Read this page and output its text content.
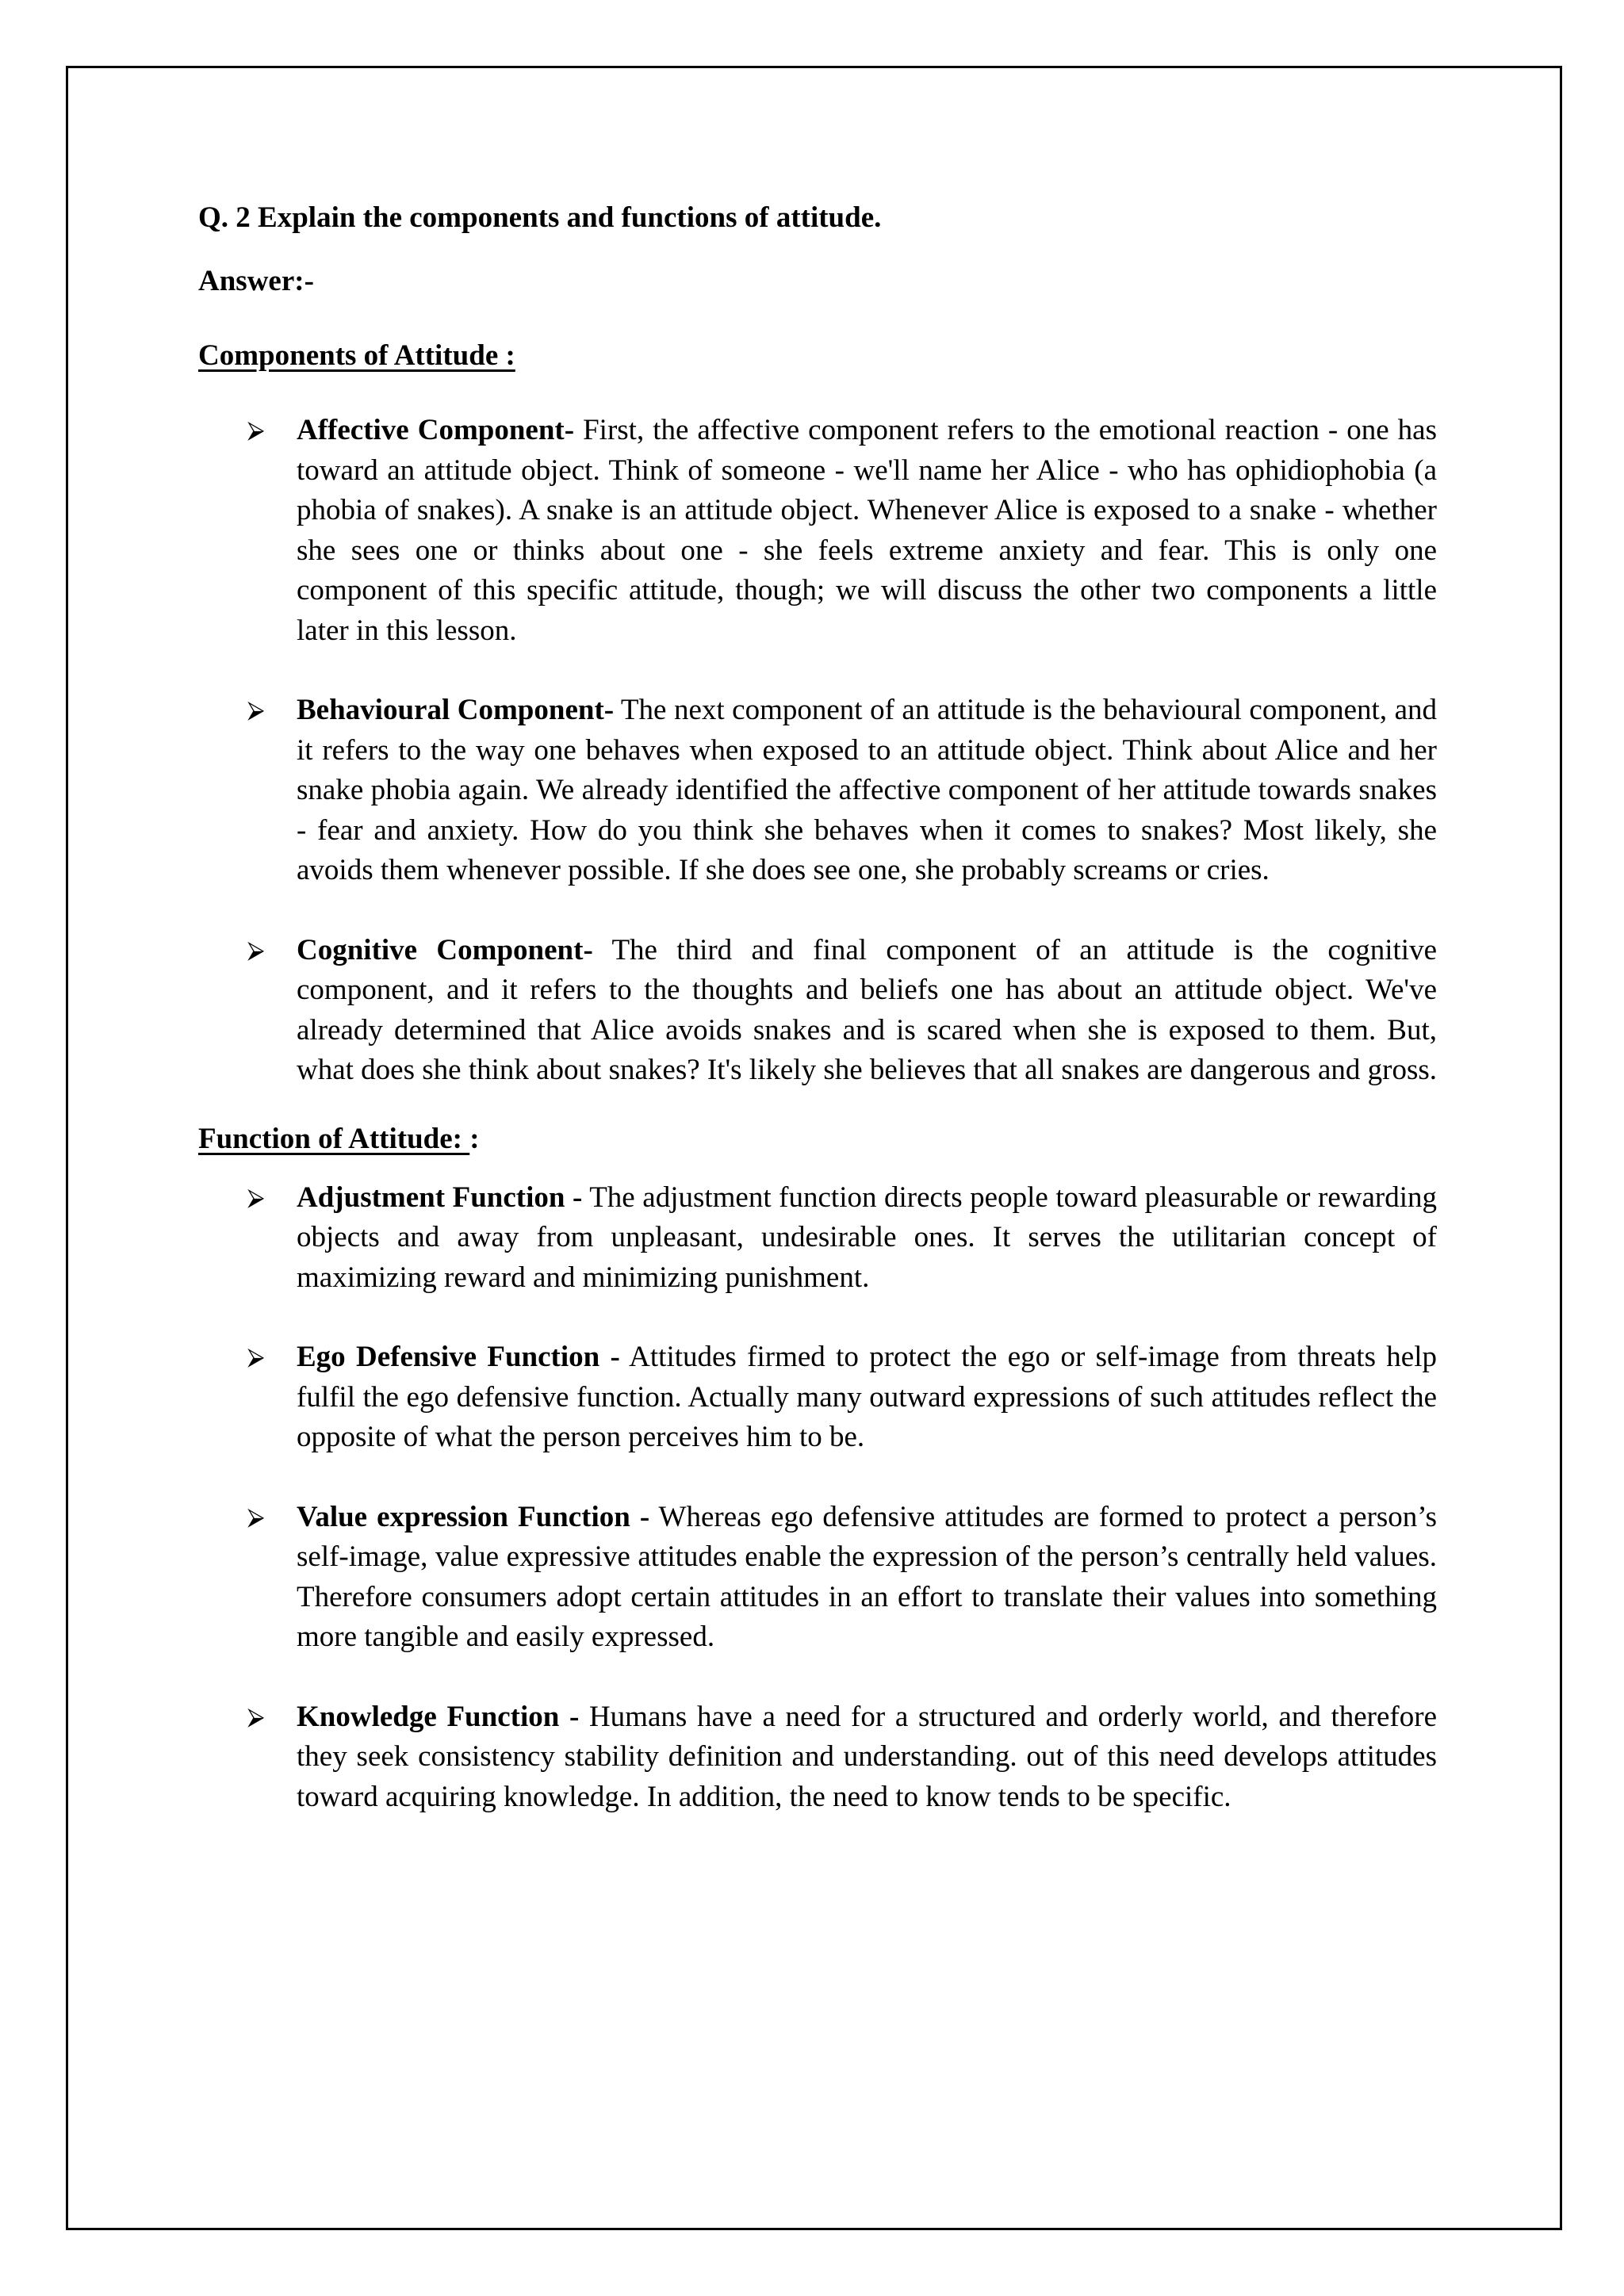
Q. 2 Explain the components and functions of attitude.

Answer:-

Components of Attitude :

⮚ Affective Component- First, the affective component refers to the emotional reaction - one has toward an attitude object. Think of someone - we'll name her Alice - who has ophidiophobia (a phobia of snakes). A snake is an attitude object. Whenever Alice is exposed to a snake - whether she sees one or thinks about one - she feels extreme anxiety and fear. This is only one component of this specific attitude, though; we will discuss the other two components a little later in this lesson.
⮚ Behavioural Component- The next component of an attitude is the behavioural component, and it refers to the way one behaves when exposed to an attitude object. Think about Alice and her snake phobia again. We already identified the affective component of her attitude towards snakes - fear and anxiety. How do you think she behaves when it comes to snakes? Most likely, she avoids them whenever possible. If she does see one, she probably screams or cries.
⮚ Cognitive Component- The third and final component of an attitude is the cognitive component, and it refers to the thoughts and beliefs one has about an attitude object. We've already determined that Alice avoids snakes and is scared when she is exposed to them. But, what does she think about snakes? It's likely she believes that all snakes are dangerous and gross.

Function of Attitude: :

⮚ Adjustment Function - The adjustment function directs people toward pleasurable or rewarding objects and away from unpleasant, undesirable ones. It serves the utilitarian concept of maximizing reward and minimizing punishment.
⮚ Ego Defensive Function - Attitudes firmed to protect the ego or self-image from threats help fulfil the ego defensive function. Actually many outward expressions of such attitudes reflect the opposite of what the person perceives him to be.
⮚ Value expression Function - Whereas ego defensive attitudes are formed to protect a person’s self-image, value expressive attitudes enable the expression of the person’s centrally held values. Therefore consumers adopt certain attitudes in an effort to translate their values into something more tangible and easily expressed.
⮚ Knowledge Function - Humans have a need for a structured and orderly world, and therefore they seek consistency stability definition and understanding. out of this need develops attitudes toward acquiring knowledge. In addition, the need to know tends to be specific.
